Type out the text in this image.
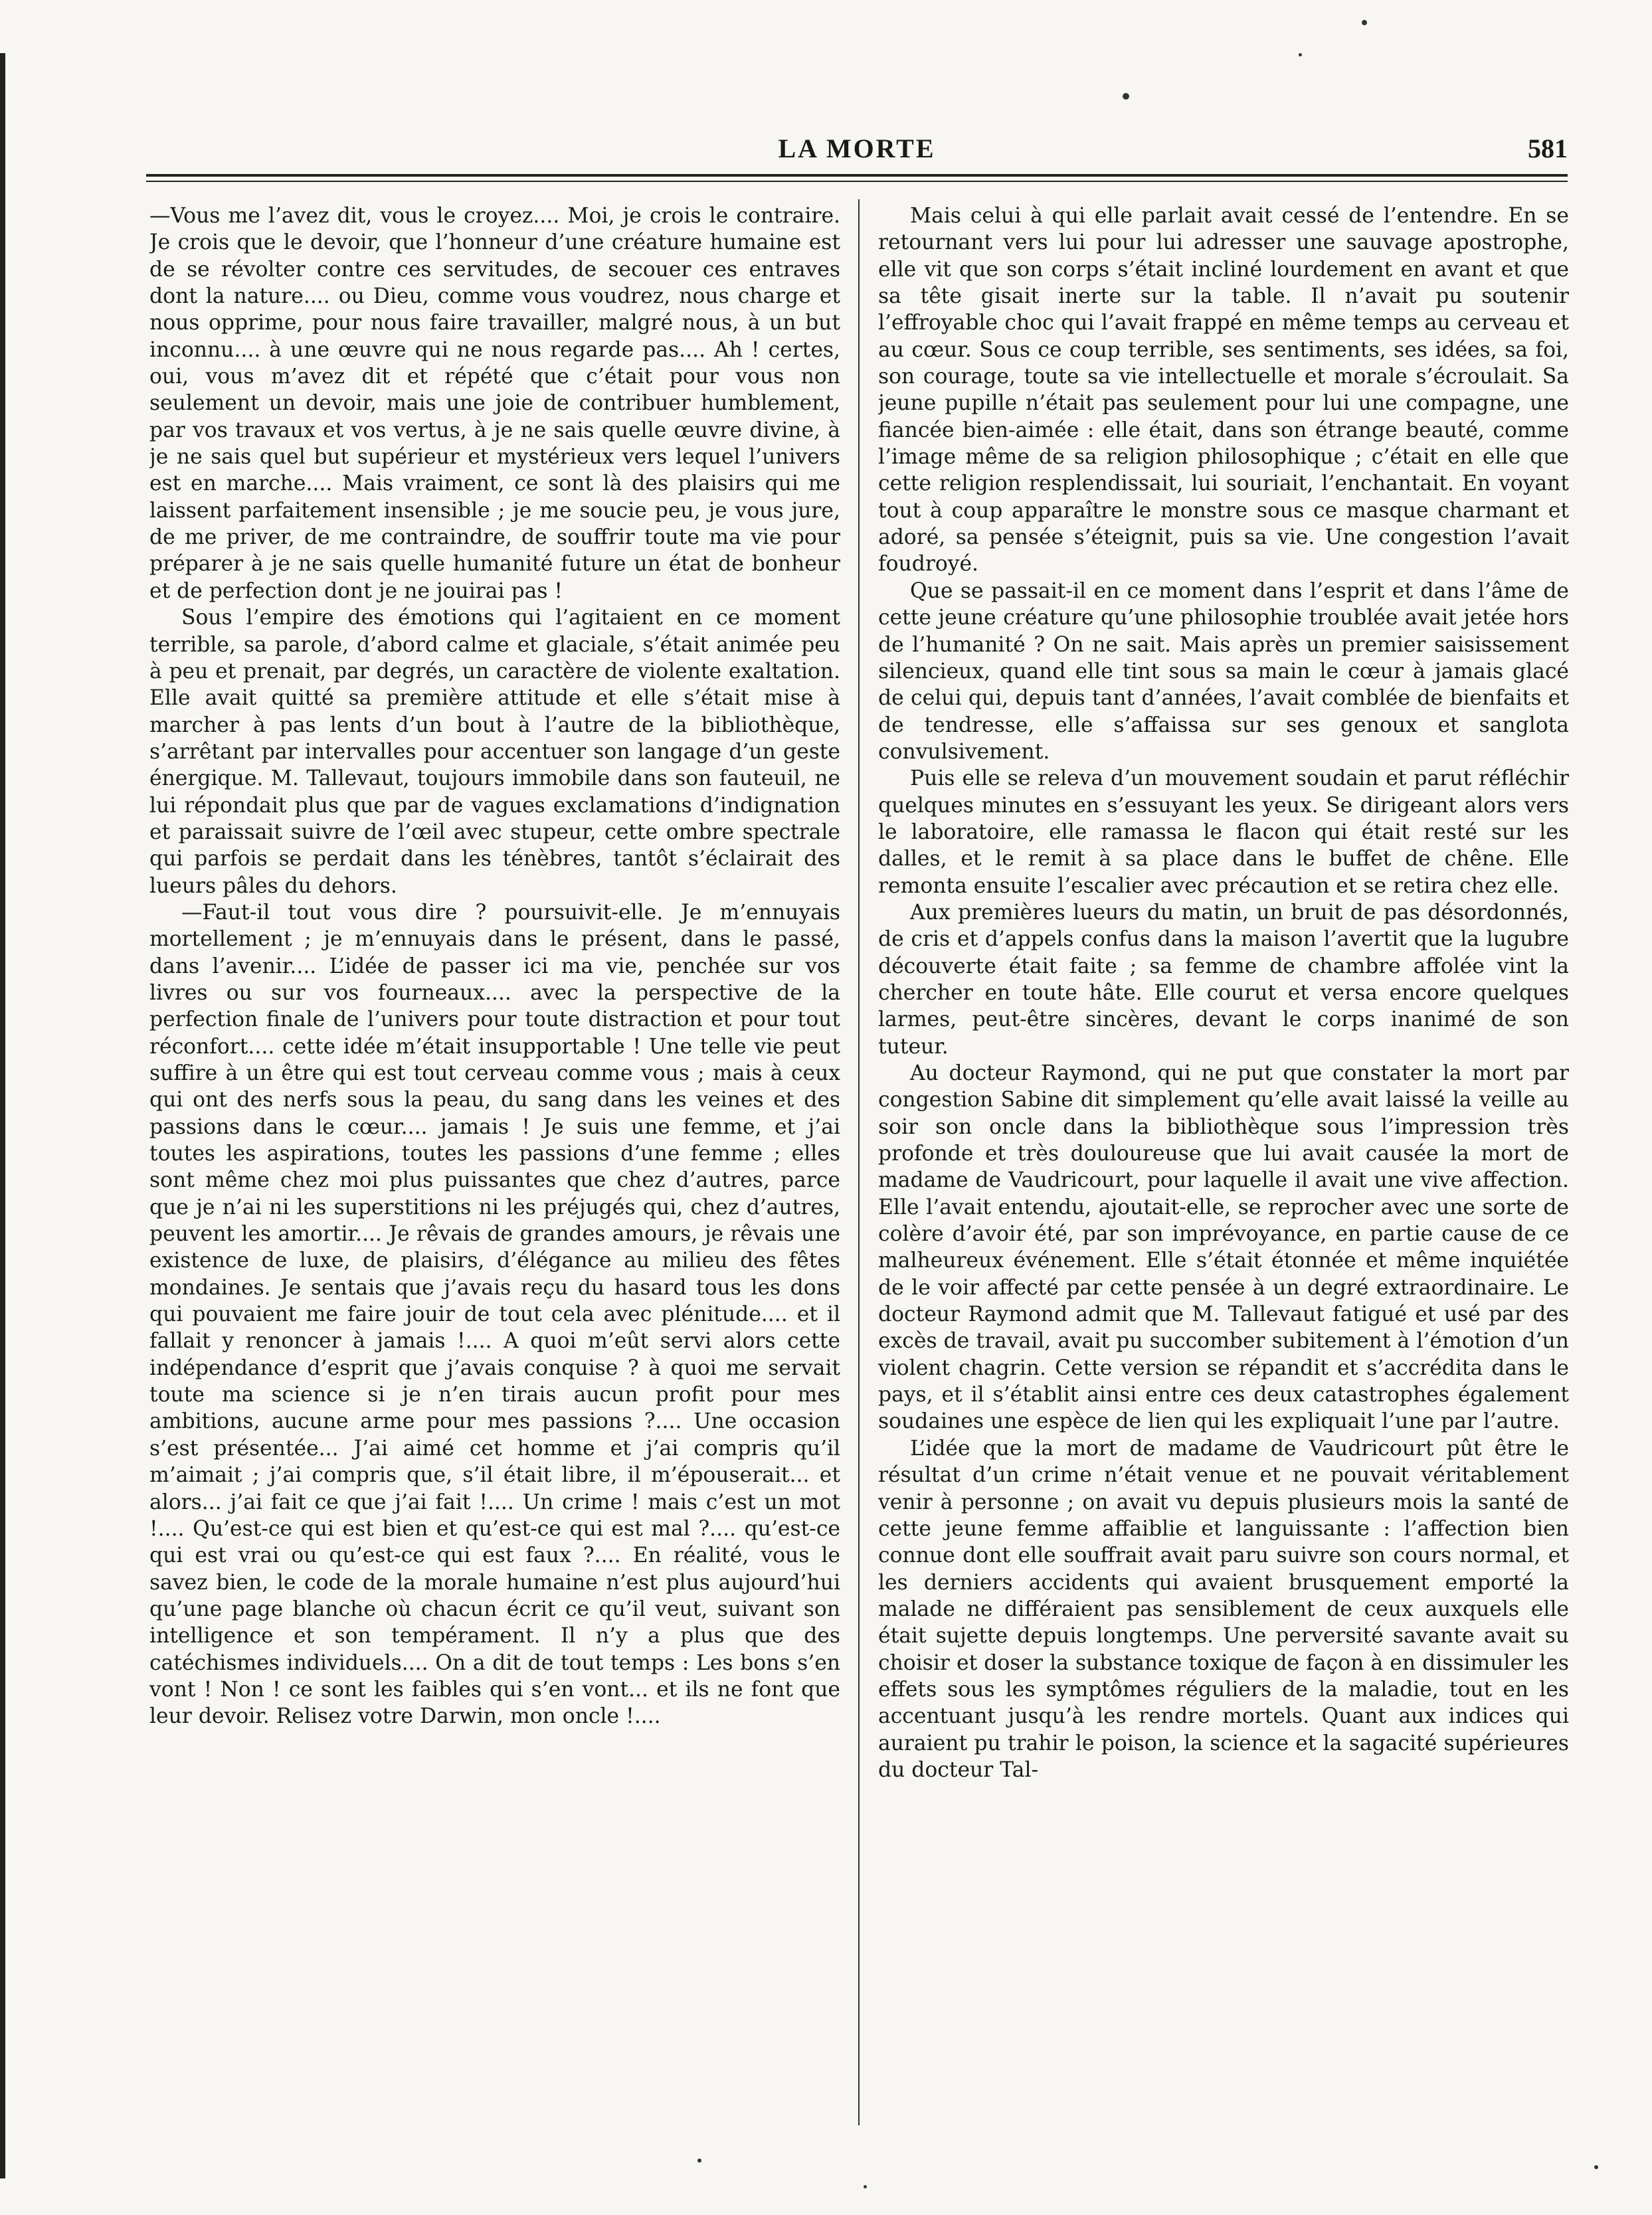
LA MORTE	581

—Vous me l’avez dit, vous le croyez.... Moi, je crois le contraire. Je crois que le devoir, que l’honneur d’une créature humaine est de se révolter contre ces servitudes, de secouer ces entraves dont la nature.... ou Dieu, comme vous voudrez, nous charge et nous opprime, pour nous faire travailler, malgré nous, à un but inconnu.... à une œuvre qui ne nous regarde pas.... Ah ! certes, oui, vous m’avez dit et répété que c’était pour vous non seulement un devoir, mais une joie de contribuer humblement, par vos travaux et vos vertus, à je ne sais quelle œuvre divine, à je ne sais quel but supérieur et mystérieux vers lequel l’univers est en marche.... Mais vraiment, ce sont là des plaisirs qui me laissent parfaitement insensible ; je me soucie peu, je vous jure, de me priver, de me contraindre, de souffrir toute ma vie pour préparer à je ne sais quelle humanité future un état de bonheur et de perfection dont je ne jouirai pas !

Sous l’empire des émotions qui l’agitaient en ce moment terrible, sa parole, d’abord calme et glaciale, s’était animée peu à peu et prenait, par degrés, un caractère de violente exaltation. Elle avait quitté sa première attitude et elle s’était mise à marcher à pas lents d’un bout à l’autre de la bibliothèque, s’arrêtant par intervalles pour accentuer son langage d’un geste énergique. M. Tallevaut, toujours immobile dans son fauteuil, ne lui répondait plus que par de vagues exclamations d’indignation et paraissait suivre de l’œil avec stupeur, cette ombre spectrale qui parfois se perdait dans les ténèbres, tantôt s’éclairait des lueurs pâles du dehors.

—Faut-il tout vous dire ? poursuivit-elle. Je m’ennuyais mortellement ; je m’ennuyais dans le présent, dans le passé, dans l’avenir.... L’idée de passer ici ma vie, penchée sur vos livres ou sur vos fourneaux.... avec la perspective de la perfection finale de l’univers pour toute distraction et pour tout réconfort.... cette idée m’était insupportable ! Une telle vie peut suffire à un être qui est tout cerveau comme vous ; mais à ceux qui ont des nerfs sous la peau, du sang dans les veines et des passions dans le cœur.... jamais ! Je suis une femme, et j’ai toutes les aspirations, toutes les passions d’une femme ; elles sont même chez moi plus puissantes que chez d’autres, parce que je n’ai ni les superstitions ni les préjugés qui, chez d’autres, peuvent les amortir.... Je rêvais de grandes amours, je rêvais une existence de luxe, de plaisirs, d’élégance au milieu des fêtes mondaines. Je sentais que j’avais reçu du hasard tous les dons qui pouvaient me faire jouir de tout cela avec plénitude.... et il fallait y renoncer à jamais !.... A quoi m’eût servi alors cette indépendance d’esprit que j’avais conquise ? à quoi me servait toute ma science si je n’en tirais aucun profit pour mes ambitions, aucune arme pour mes passions ?.... Une occasion s’est présentée... J’ai aimé cet homme et j’ai compris qu’il m’aimait ; j’ai compris que, s’il était libre, il m’épouserait... et alors... j’ai fait ce que j’ai fait !.... Un crime ! mais c’est un mot !.... Qu’est-ce qui est bien et qu’est-ce qui est mal ?.... qu’est-ce qui est vrai ou qu’est-ce qui est faux ?.... En réalité, vous le savez bien, le code de la morale humaine n’est plus aujourd’hui qu’une page blanche où chacun écrit ce qu’il veut, suivant son intelligence et son tempérament. Il n’y a plus que des catéchismes individuels.... On a dit de tout temps : Les bons s’en vont ! Non ! ce sont les faibles qui s’en vont... et ils ne font que leur devoir. Relisez votre Darwin, mon oncle !....

Mais celui à qui elle parlait avait cessé de l’entendre. En se retournant vers lui pour lui adresser une sauvage apostrophe, elle vit que son corps s’était incliné lourdement en avant et que sa tête gisait inerte sur la table. Il n’avait pu soutenir l’effroyable choc qui l’avait frappé en même temps au cerveau et au cœur. Sous ce coup terrible, ses sentiments, ses idées, sa foi, son courage, toute sa vie intellectuelle et morale s’écroulait. Sa jeune pupille n’était pas seulement pour lui une compagne, une fiancée bien-aimée : elle était, dans son étrange beauté, comme l’image même de sa religion philosophique ; c’était en elle que cette religion resplendissait, lui souriait, l’enchantait. En voyant tout à coup apparaître le monstre sous ce masque charmant et adoré, sa pensée s’éteignit, puis sa vie. Une congestion l’avait foudroyé.

Que se passait-il en ce moment dans l’esprit et dans l’âme de cette jeune créature qu’une philosophie troublée avait jetée hors de l’humanité ? On ne sait. Mais après un premier saisissement silencieux, quand elle tint sous sa main le cœur à jamais glacé de celui qui, depuis tant d’années, l’avait comblée de bienfaits et de tendresse, elle s’affaissa sur ses genoux et sanglota convulsivement.

Puis elle se releva d’un mouvement soudain et parut réfléchir quelques minutes en s’essuyant les yeux. Se dirigeant alors vers le laboratoire, elle ramassa le flacon qui était resté sur les dalles, et le remit à sa place dans le buffet de chêne. Elle remonta ensuite l’escalier avec précaution et se retira chez elle.

Aux premières lueurs du matin, un bruit de pas désordonnés, de cris et d’appels confus dans la maison l’avertit que la lugubre découverte était faite ; sa femme de chambre affolée vint la chercher en toute hâte. Elle courut et versa encore quelques larmes, peut-être sincères, devant le corps inanimé de son tuteur.

Au docteur Raymond, qui ne put que constater la mort par congestion Sabine dit simplement qu’elle avait laissé la veille au soir son oncle dans la bibliothèque sous l’impression très profonde et très douloureuse que lui avait causée la mort de madame de Vaudricourt, pour laquelle il avait une vive affection. Elle l’avait entendu, ajoutait-elle, se reprocher avec une sorte de colère d’avoir été, par son imprévoyance, en partie cause de ce malheureux événement. Elle s’était étonnée et même inquiétée de le voir affecté par cette pensée à un degré extraordinaire. Le docteur Raymond admit que M. Tallevaut fatigué et usé par des excès de travail, avait pu succomber subitement à l’émotion d’un violent chagrin. Cette version se répandit et s’accrédita dans le pays, et il s’établit ainsi entre ces deux catastrophes également soudaines une espèce de lien qui les expliquait l’une par l’autre.

L’idée que la mort de madame de Vaudricourt pût être le résultat d’un crime n’était venue et ne pouvait véritablement venir à personne ; on avait vu depuis plusieurs mois la santé de cette jeune femme affaiblie et languissante : l’affection bien connue dont elle souffrait avait paru suivre son cours normal, et les derniers accidents qui avaient brusquement emporté la malade ne différaient pas sensiblement de ceux auxquels elle était sujette depuis longtemps. Une perversité savante avait su choisir et doser la substance toxique de façon à en dissimuler les effets sous les symptômes réguliers de la maladie, tout en les accentuant jusqu’à les rendre mortels. Quant aux indices qui auraient pu trahir le poison, la science et la sagacité supérieures du docteur Tal-
